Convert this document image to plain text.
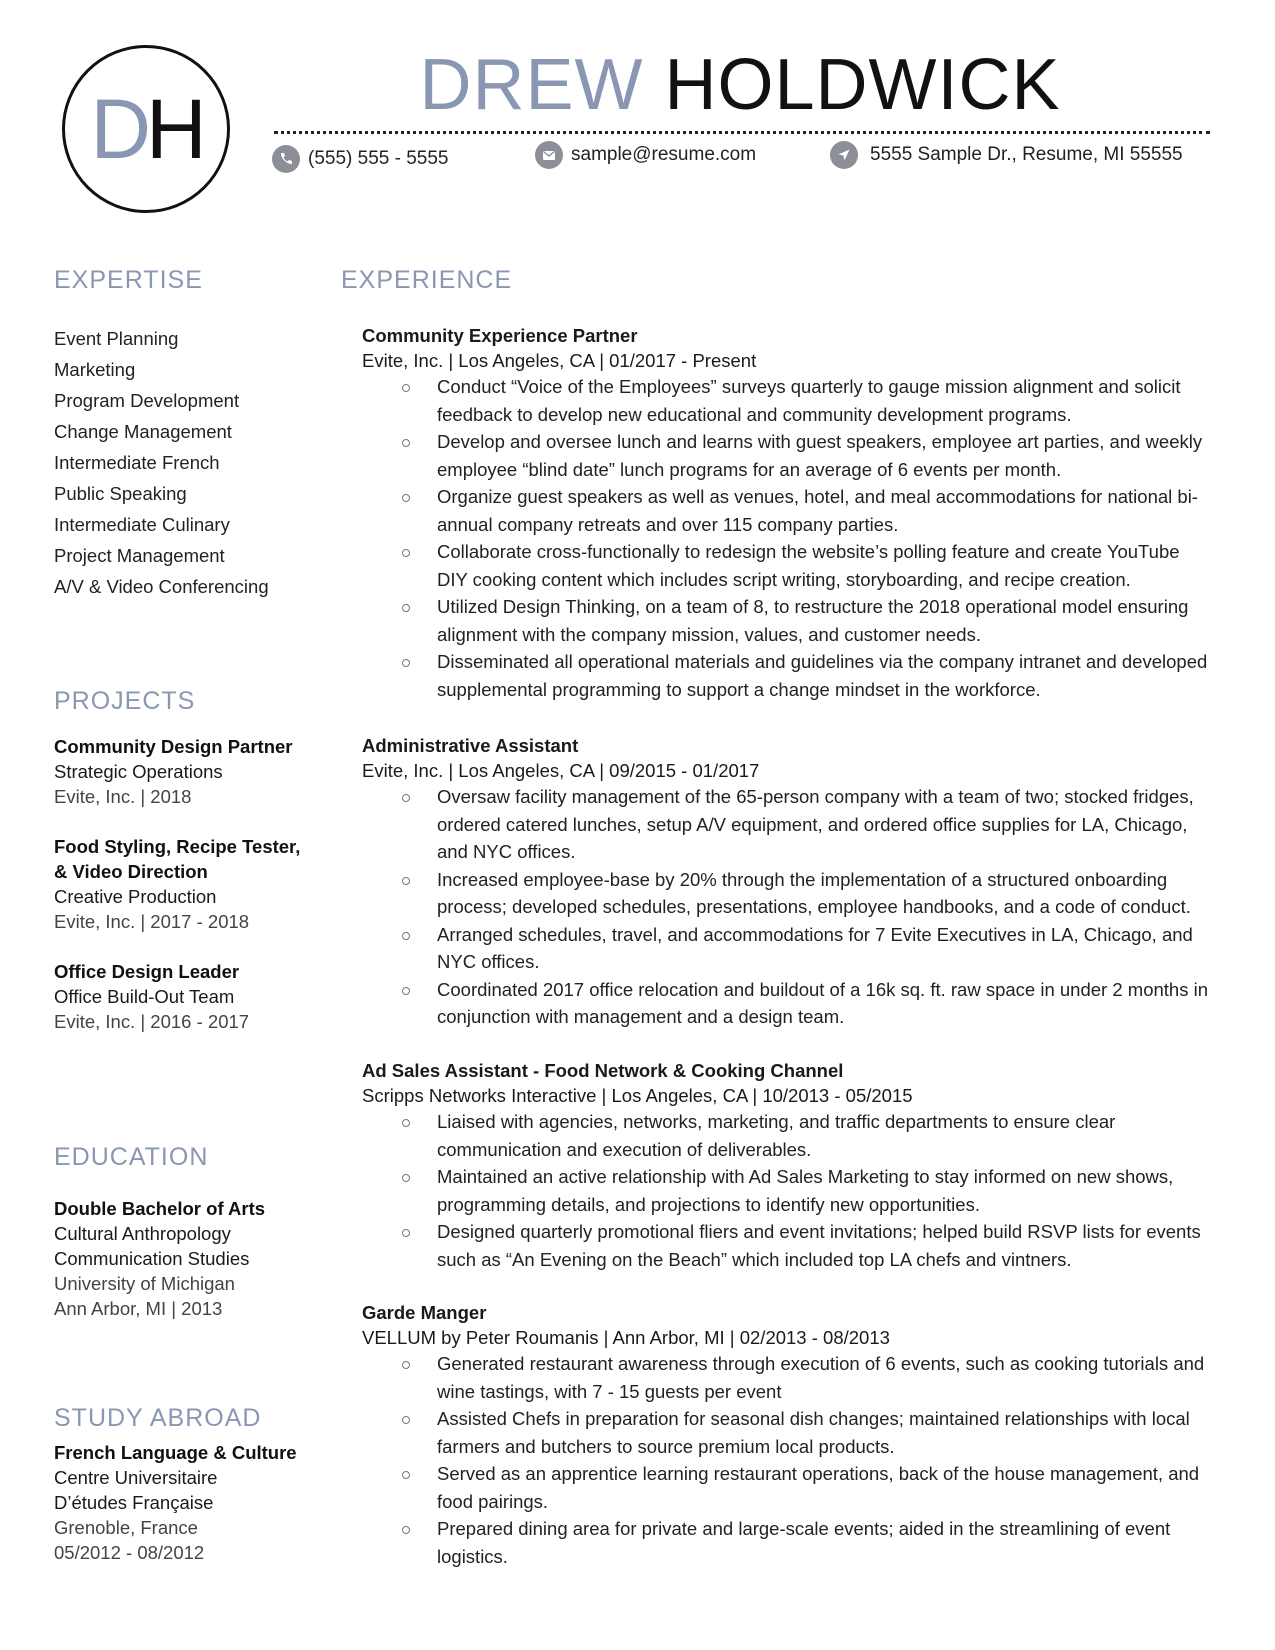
D H	DREW HOLDWICK
(555) 555 - 5555	sample@resume.com	5555 Sample Dr., Resume, MI 55555
EXPERTISE
Event Planning
Marketing
Program Development
Change Management
Intermediate French
Public Speaking
Intermediate Culinary
Project Management
A/V & Video Conferencing
PROJECTS
Community Design Partner
Strategic Operations
Evite, Inc. | 2018
Food Styling, Recipe Tester,
& Video Direction
Creative Production
Evite, Inc. | 2017 - 2018
Office Design Leader
Office Build-Out Team
Evite, Inc. | 2016 - 2017
EDUCATION
Double Bachelor of Arts
Cultural Anthropology
Communication Studies
University of Michigan
Ann Arbor, MI | 2013
STUDY ABROAD
French Language & Culture
Centre Universitaire
D’études Française
Grenoble, France
05/2012 - 08/2012
EXPERIENCE
Community Experience Partner
Evite, Inc. | Los Angeles, CA | 01/2017 - Present
Conduct “Voice of the Employees” surveys quarterly to gauge mission alignment and solicit feedback to develop new educational and community development programs.
Develop and oversee lunch and learns with guest speakers, employee art parties, and weekly employee “blind date” lunch programs for an average of 6 events per month.
Organize guest speakers as well as venues, hotel, and meal accommodations for national bi-annual company retreats and over 115 company parties.
Collaborate cross-functionally to redesign the website’s polling feature and create YouTube DIY cooking content which includes script writing, storyboarding, and recipe creation.
Utilized Design Thinking, on a team of 8, to restructure the 2018 operational model ensuring alignment with the company mission, values, and customer needs.
Disseminated all operational materials and guidelines via the company intranet and developed supplemental programming to support a change mindset in the workforce.
Administrative Assistant
Evite, Inc. | Los Angeles, CA | 09/2015 - 01/2017
Oversaw facility management of the 65-person company with a team of two; stocked fridges, ordered catered lunches, setup A/V equipment, and ordered office supplies for LA, Chicago, and NYC offices.
Increased employee-base by 20% through the implementation of a structured onboarding process; developed schedules, presentations, employee handbooks, and a code of conduct.
Arranged schedules, travel, and accommodations for 7 Evite Executives in LA, Chicago, and NYC offices.
Coordinated 2017 office relocation and buildout of a 16k sq. ft. raw space in under 2 months in conjunction with management and a design team.
Ad Sales Assistant - Food Network & Cooking Channel
Scripps Networks Interactive | Los Angeles, CA | 10/2013 - 05/2015
Liaised with agencies, networks, marketing, and traffic departments to ensure clear communication and execution of deliverables.
Maintained an active relationship with Ad Sales Marketing to stay informed on new shows, programming details, and projections to identify new opportunities.
Designed quarterly promotional fliers and event invitations; helped build RSVP lists for events such as “An Evening on the Beach” which included top LA chefs and vintners.
Garde Manger
VELLUM by Peter Roumanis | Ann Arbor, MI | 02/2013 - 08/2013
Generated restaurant awareness through execution of 6 events, such as cooking tutorials and wine tastings, with 7 - 15 guests per event
Assisted Chefs in preparation for seasonal dish changes; maintained relationships with local farmers and butchers to source premium local products.
Served as an apprentice learning restaurant operations, back of the house management, and food pairings.
Prepared dining area for private and large-scale events; aided in the streamlining of event logistics.
